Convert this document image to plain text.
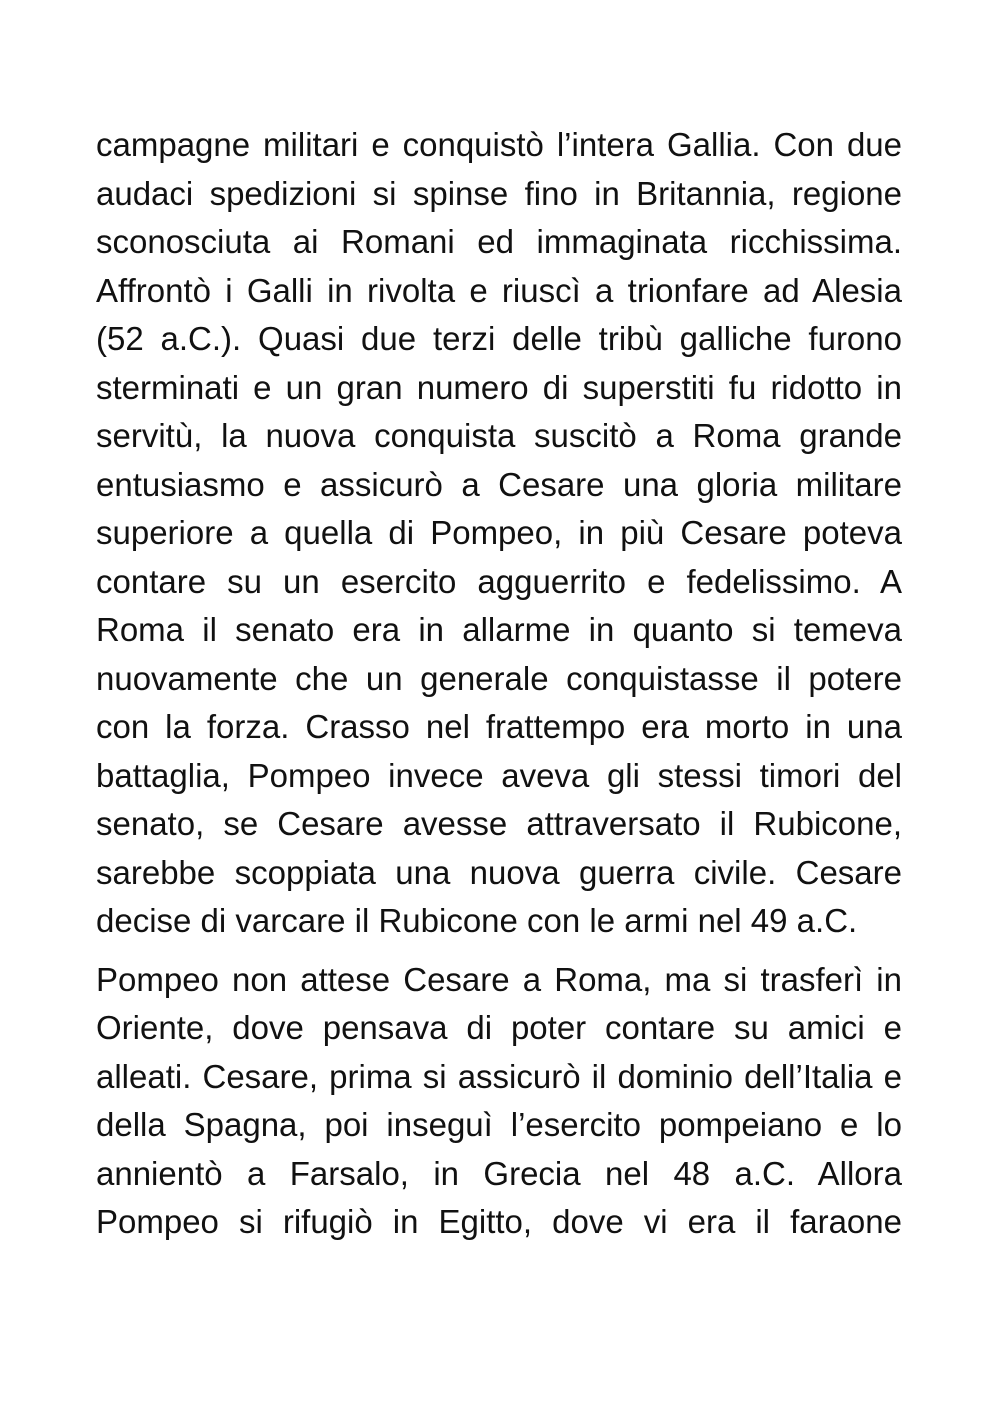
campagne militari e conquistò l’intera Gallia. Con due audaci spedizioni si spinse fino in Britannia, regione sconosciuta ai Romani ed immaginata ricchissima. Affrontò i Galli in rivolta e riuscì a trionfare ad Alesia (52 a.C.). Quasi due terzi delle tribù galliche furono sterminati e un gran numero di superstiti fu ridotto in servitù, la nuova conquista suscitò a Roma grande entusiasmo e assicurò a Cesare una gloria militare superiore a quella di Pompeo, in più Cesare poteva contare su un esercito agguerrito e fedelissimo. A Roma il senato era in allarme in quanto si temeva nuovamente che un generale conquistasse il potere con la forza. Crasso nel frattempo era morto in una battaglia, Pompeo invece aveva gli stessi timori del senato, se Cesare avesse attraversato il Rubicone, sarebbe scoppiata una nuova guerra civile. Cesare decise di varcare il Rubicone con le armi nel 49 a.C.

Pompeo non attese Cesare a Roma, ma si trasferì in Oriente, dove pensava di poter contare su amici e alleati. Cesare, prima si assicurò il dominio dell’Italia e della Spagna, poi inseguì l’esercito pompeiano e lo annientò a Farsalo, in Grecia nel 48 a.C. Allora Pompeo si rifugiò in Egitto, dove vi era il faraone
